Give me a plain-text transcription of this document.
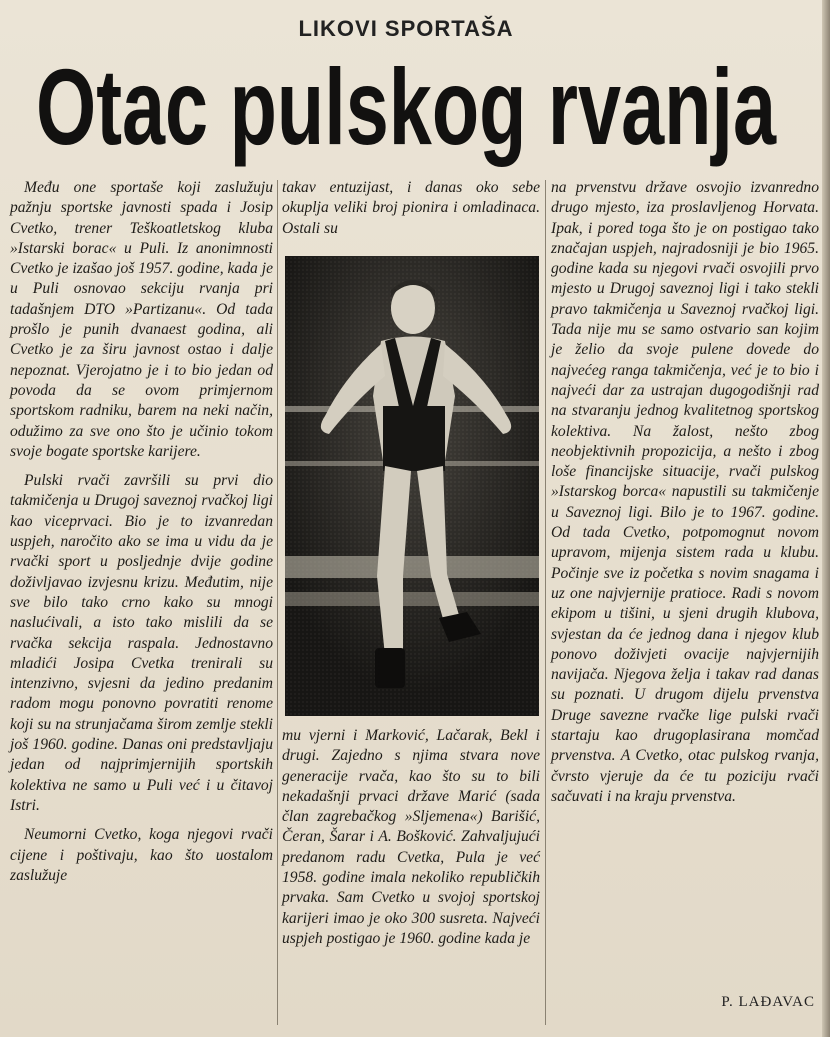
LIKOVI SPORTAŠA
Otac pulskog rvanja

Među one sportaše koji zaslužuju pažnju sportske javnosti spada i Josip Cvetko, trener Teškoatletskog kluba »Istarski borac« u Puli. Iz anonimnosti Cvetko je izašao još 1957. godine, kada je u Puli osnovao sekciju rvanja pri tadašnjem DTO »Partizanu«. Od tada prošlo je punih dvanaest godina, ali Cvetko je za širu javnost ostao i dalje nepoznat. Vjerojatno je i to bio jedan od povoda da se ovom primjernom sportskom radniku, barem na neki način, odužimo za sve ono što je učinio tokom svoje bogate sportske karijere.

Pulski rvači završili su prvi dio takmičenja u Drugoj saveznoj rvačkoj ligi kao viceprvaci. Bio je to izvanredan uspjeh, naročito ako se ima u vidu da je rvački sport u posljednje dvije godine doživljavao izvjesnu krizu. Međutim, nije sve bilo tako crno kako su mnogi naslućivali, a isto tako mislili da se rvačka sekcija raspala. Jednostavno mladići Josipa Cvetka trenirali su intenzivno, svjesni da jedino predanim radom mogu ponovno povratiti renome koji su na strunjačama širom zemlje stekli još 1960. godine. Danas oni predstavljaju jedan od najprimjernijih sportskih kolektiva ne samo u Puli već i u čitavoj Istri.

Neumorni Cvetko, koga njegovi rvači cijene i poštivaju, kao što uostalom zaslužuje

takav entuzijast, i danas oko sebe okuplja veliki broj pionira i omladinaca. Ostali su

mu vjerni i Marković, Lačarak, Bekl i drugi. Zajedno s njima stvara nove generacije rvača, kao što su to bili nekadašnji prvaci države Marić (sada član zagrebačkog »Sljemena«) Barišić, Čeran, Šarar i A. Bošković. Zahvaljujući predanom radu Cvetka, Pula je već 1958. godine imala nekoliko republičkih prvaka. Sam Cvetko u svojoj sportskoj karijeri imao je oko 300 susreta. Najveći uspjeh postigao je 1960. godine kada je

na prvenstvu države osvojio izvanredno drugo mjesto, iza proslavljenog Horvata. Ipak, i pored toga što je on postigao tako značajan uspjeh, najradosniji je bio 1965. godine kada su njegovi rvači osvojili prvo mjesto u Drugoj saveznoj ligi i tako stekli pravo takmičenja u Saveznoj rvačkoj ligi. Tada nije mu se samo ostvario san kojim je želio da svoje pulene dovede do najvećeg ranga takmičenja, već je to bio i najveći dar za ustrajan dugogodišnji rad na stvaranju jednog kvalitetnog sportskog kolektiva. Na žalost, nešto zbog neobjektivnih propozicija, a nešto i zbog loše financijske situacije, rvači pulskog »Istarskog borca« napustili su takmičenje u Saveznoj ligi. Bilo je to 1967. godine. Od tada Cvetko, potpomognut novom upravom, mijenja sistem rada u klubu. Počinje sve iz početka s novim snagama i uz one najvjernije pratioce. Radi s novom ekipom u tišini, u sjeni drugih klubova, svjestan da će jednog dana i njegov klub ponovo doživjeti ovacije najvjernijih navijača. Njegova želja i takav rad danas su poznati. U drugom dijelu prvenstva Druge savezne rvačke lige pulski rvači startaju kao drugoplasirana momčad prvenstva. A Cvetko, otac pulskog rvanja, čvrsto vjeruje da će tu poziciju rvači sačuvati i na kraju prvenstva.

P. LAĐAVAC
